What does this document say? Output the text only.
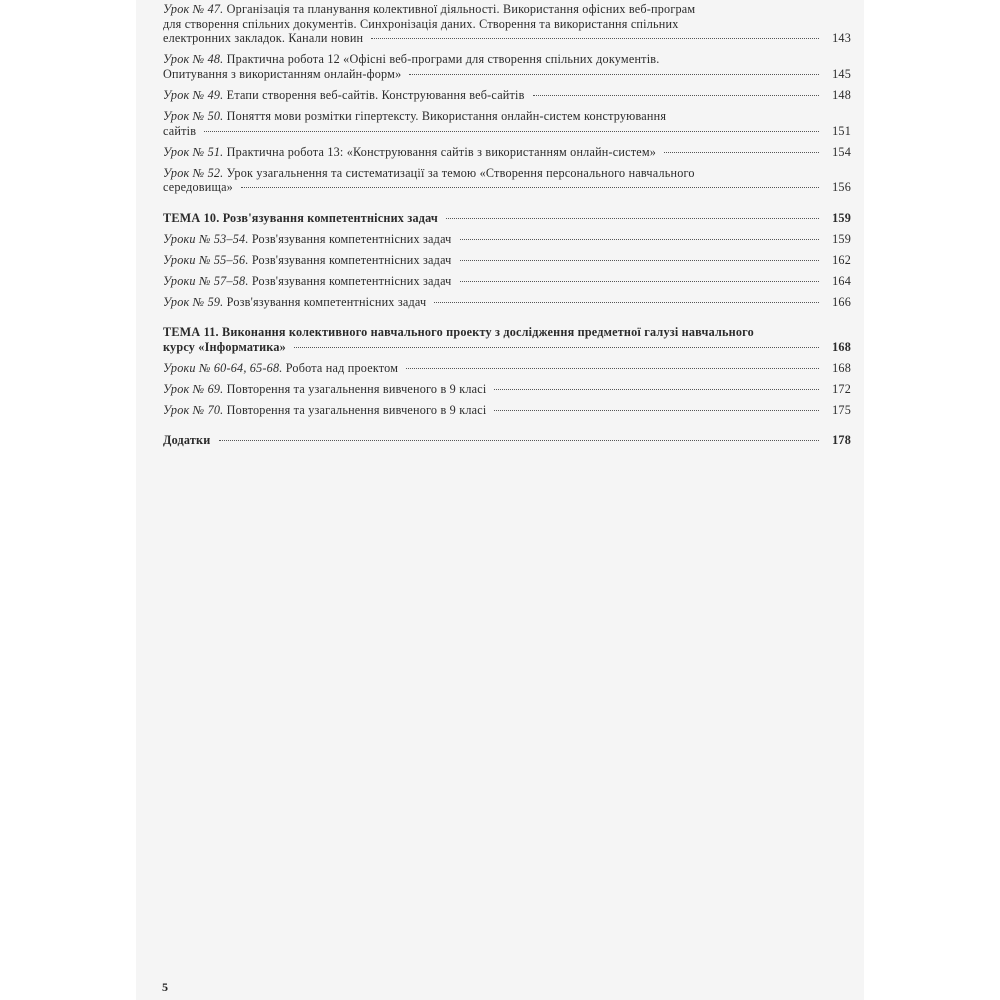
Урок № 47. Організація та планування колективної діяльності. Використання офісних веб-програм
для створення спільних документів. Синхронізація даних. Створення та використання спільних
електронних закладок. Канали новин	143
Урок № 48. Практична робота 12 «Офісні веб-програми для створення спільних документів.
Опитування з використанням онлайн-форм»	145
Урок № 49. Етапи створення веб-сайтів. Конструювання веб-сайтів	148
Урок № 50. Поняття мови розмітки гіпертексту. Використання онлайн-систем конструювання
сайтів	151
Урок № 51. Практична робота 13: «Конструювання сайтів з використанням онлайн-систем»	154
Урок № 52. Урок узагальнення та систематизації за темою «Створення персонального навчального
середовища»	156
ТЕМА 10. Розв'язування компетентнісних задач	159
Уроки № 53–54. Розв'язування компетентнісних задач	159
Уроки № 55–56. Розв'язування компетентнісних задач	162
Уроки № 57–58. Розв'язування компетентнісних задач	164
Урок № 59. Розв'язування компетентнісних задач	166
ТЕМА 11. Виконання колективного навчального проекту з дослідження предметної галузі навчального
курсу «Інформатика»	168
Уроки № 60-64, 65-68. Робота над проектом	168
Урок № 69. Повторення та узагальнення вивченого в 9 класі	172
Урок № 70. Повторення та узагальнення вивченого в 9 класі	175
Додатки	178
5
